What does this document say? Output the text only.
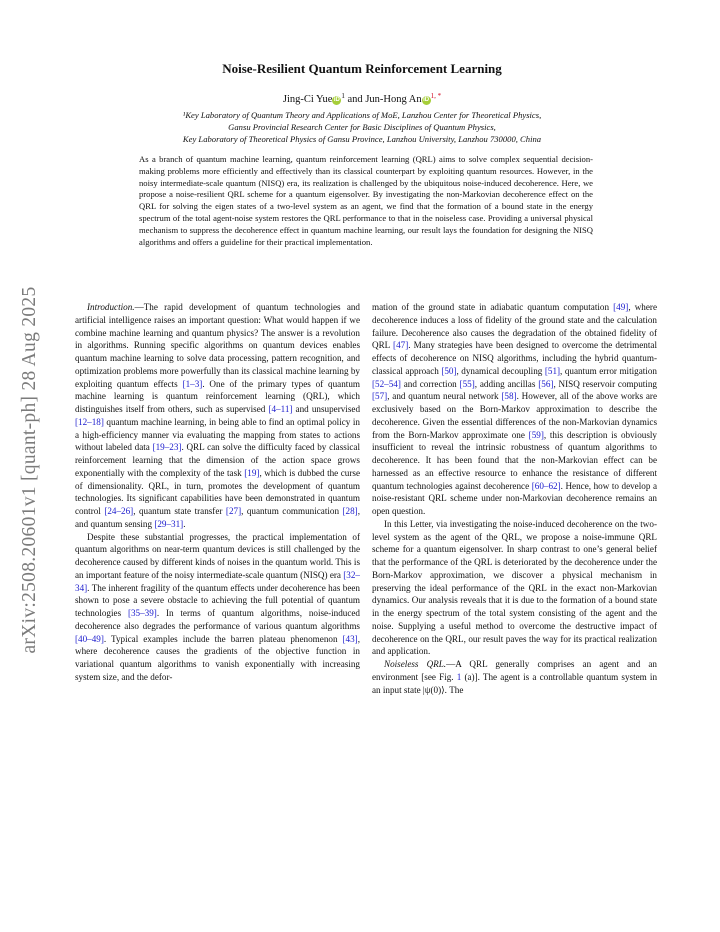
arXiv:2508.20601v1 [quant-ph] 28 Aug 2025
Noise-Resilient Quantum Reinforcement Learning
Jing-Ci Yue iD $^1$ and Jun-Hong An iD $^{1, *}$
¹Key Laboratory of Quantum Theory and Applications of MoE, Lanzhou Center for Theoretical Physics,
Gansu Provincial Research Center for Basic Disciplines of Quantum Physics,
Key Laboratory of Theoretical Physics of Gansu Province, Lanzhou University, Lanzhou 730000, China
As a branch of quantum machine learning, quantum reinforcement learning (QRL) aims to solve complex sequential decision-making problems more efficiently and effectively than its classical counterpart by exploiting quantum resources. However, in the noisy intermediate-scale quantum (NISQ) era, its realization is challenged by the ubiquitous noise-induced decoherence. Here, we propose a noise-resilient QRL scheme for a quantum eigensolver. By investigating the non-Markovian decoherence effect on the QRL for solving the eigen states of a two-level system as an agent, we find that the formation of a bound state in the energy spectrum of the total agent-noise system restores the QRL performance to that in the noiseless case. Providing a universal physical mechanism to suppress the decoherence effect in quantum machine learning, our result lays the foundation for designing the NISQ algorithms and offers a guideline for their practical implementation.

Introduction.—The rapid development of quantum technologies and artificial intelligence raises an important question: What would happen if we combine machine learning and quantum physics? The answer is a revolution in algorithms. Running specific algorithms on quantum devices enables quantum machine learning to solve data processing, pattern recognition, and optimization problems more powerfully than its classical machine learning by exploiting quantum effects [1–3]. One of the primary types of quantum machine learning is quantum reinforcement learning (QRL), which distinguishes itself from others, such as supervised [4–11] and unsupervised [12–18] quantum machine learning, in being able to find an optimal policy in a high-efficiency manner via evaluating the mapping from states to actions without labeled data [19–23]. QRL can solve the difficulty faced by classical reinforcement learning that the dimension of the action space grows exponentially with the complexity of the task [19], which is dubbed the curse of dimensionality. QRL, in turn, promotes the development of quantum technologies. Its significant capabilities have been demonstrated in quantum control [24–26], quantum state transfer [27], quantum communication [28], and quantum sensing [29–31].

Despite these substantial progresses, the practical implementation of quantum algorithms on near-term quantum devices is still challenged by the decoherence caused by different kinds of noises in the quantum world. This is an important feature of the noisy intermediate-scale quantum (NISQ) era [32–34]. The inherent fragility of the quantum effects under decoherence has been shown to pose a severe obstacle to achieving the full potential of quantum technologies [35–39]. In terms of quantum algorithms, noise-induced decoherence also degrades the performance of various quantum algorithms [40–49]. Typical examples include the barren plateau phenomenon [43], where decoherence causes the gradients of the objective function in variational quantum algorithms to vanish exponentially with increasing system size, and the defor-

mation of the ground state in adiabatic quantum computation [49], where decoherence induces a loss of fidelity of the ground state and the calculation failure. Decoherence also causes the degradation of the obtained fidelity of QRL [47]. Many strategies have been designed to overcome the detrimental effects of decoherence on NISQ algorithms, including the hybrid quantum-classical approach [50], dynamical decoupling [51], quantum error mitigation [52–54] and correction [55], adding ancillas [56], NISQ reservoir computing [57], and quantum neural network [58]. However, all of the above works are exclusively based on the Born-Markov approximation to describe the decoherence. Given the essential differences of the non-Markovian dynamics from the Born-Markov approximate one [59], this description is obviously insufficient to reveal the intrinsic robustness of quantum algorithms to decoherence. It has been found that the non-Markovian effect can be harnessed as an effective resource to enhance the resistance of different quantum technologies against decoherence [60–62]. Hence, how to develop a noise-resistant QRL scheme under non-Markovian decoherence remains an open question.

In this Letter, via investigating the noise-induced decoherence on the two-level system as the agent of the QRL, we propose a noise-immune QRL scheme for a quantum eigensolver. In sharp contrast to one’s general belief that the performance of the QRL is deteriorated by the decoherence under the Born-Markov approximation, we discover a physical mechanism in preserving the ideal performance of the QRL in the exact non-Markovian dynamics. Our analysis reveals that it is due to the formation of a bound state in the energy spectrum of the total system consisting of the agent and the noise. Supplying a useful method to overcome the destructive impact of decoherence on the QRL, our result paves the way for its practical realization and application.

Noiseless QRL.—A QRL generally comprises an agent and an environment [see Fig. 1 (a)]. The agent is a controllable quantum system in an input state |ψ(0)⟩. The
